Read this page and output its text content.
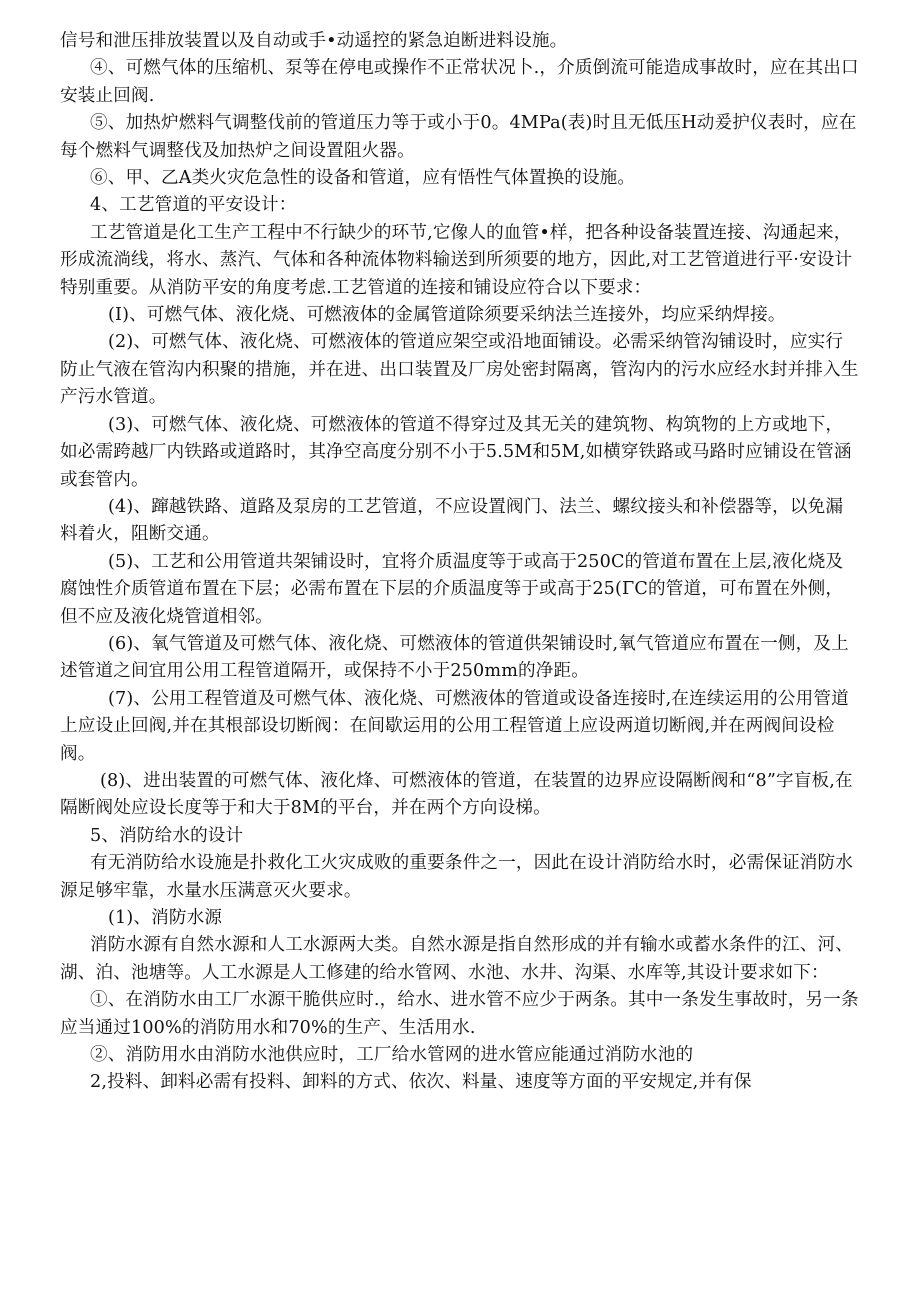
信号和泄压排放装置以及自动或手•动遥控的紧急迫断进料设施。

④、可燃气体的压缩机、泵等在停电或操作不正常状况卜.，介质倒流可能造成事故时，应在其出口安装止回阀.

⑤、加热炉燃料气调整伐前的管道压力等于或小于0。4MPa(表)时且无低压H动爰护仪表时，应在每个燃料气调整伐及加热炉之间设置阻火器。

⑥、甲、乙A类火灾危急性的设备和管道，应有悟性气体置换的设施。

4、工艺管道的平安设计：

工艺管道是化工生产工程中不行缺少的环节,它像人的血管•样，把各种设备装置连接、沟通起来，形成流淌线，将水、蒸汽、气体和各种流体物料输送到所须要的地方，因此,对工艺管道进行平·安设计特别重要。从消防平安的角度考虑.工艺管道的连接和铺设应符合以下要求：

(I)、可燃气体、液化烧、可燃液体的金属管道除须要采纳法兰连接外，均应采纳焊接。

(2)、可燃气体、液化烧、可燃液体的管道应架空或沿地面铺设。必需采纳管沟铺设时，应实行防止气液在管沟内积聚的措施，并在进、出口装置及厂房处密封隔离，管沟内的污水应经水封并排入生产污水管道。

(3)、可燃气体、液化烧、可燃液体的管道不得穿过及其无关的建筑物、构筑物的上方或地下，如必需跨越厂内铁路或道路时，其净空高度分别不小于5.5M和5M,如横穿铁路或马路时应铺设在管涵或套管内。

(4)、蹿越铁路、道路及泵房的工艺管道，不应设置阀门、法兰、螺纹接头和补偿器等，以免漏料着火，阻断交通。

(5)、工艺和公用管道共架铺设时，宜将介质温度等于或高于250C的管道布置在上层,液化烧及腐蚀性介质管道布置在下层；必需布置在下层的介质温度等于或高于25(ΓC的管道，可布置在外侧，但不应及液化烧管道相邻。

(6)、氧气管道及可燃气体、液化烧、可燃液体的管道供架铺设时,氧气管道应布置在一侧，及上述管道之间宜用公用工程管道隔开，或保持不小于250mm的净距。

(7)、公用工程管道及可燃气体、液化烧、可燃液体的管道或设备连接时,在连续运用的公用管道上应设止回阀,并在其根部设切断阀：在间歇运用的公用工程管道上应设两道切断阀,并在两阀间设检阀。

(8)、进出装置的可燃气体、液化烽、可燃液体的管道，在装置的边界应设隔断阀和“8”字盲板,在隔断阀处应设长度等于和大于8M的平台，并在两个方向设梯。

5、消防给水的设计

有无消防给水设施是扑救化工火灾成败的重要条件之一，因此在设计消防给水时，必需保证消防水源足够牢靠，水量水压满意灭火要求。

(1)、消防水源

消防水源有自然水源和人工水源两大类。自然水源是指自然形成的并有输水或蓄水条件的江、河、湖、泊、池塘等。人工水源是人工修建的给水管网、水池、水井、沟渠、水库等,其设计要求如下：

①、在消防水由工厂水源干脆供应时.，给水、进水管不应少于两条。其中一条发生事故时，另一条应当通过100%的消防用水和70%的生产、生活用水.

②、消防用水由消防水池供应时，工厂给水管网的进水管应能通过消防水池的

2,投料、卸料必需有投料、卸料的方式、依次、料量、速度等方面的平安规定,并有保
